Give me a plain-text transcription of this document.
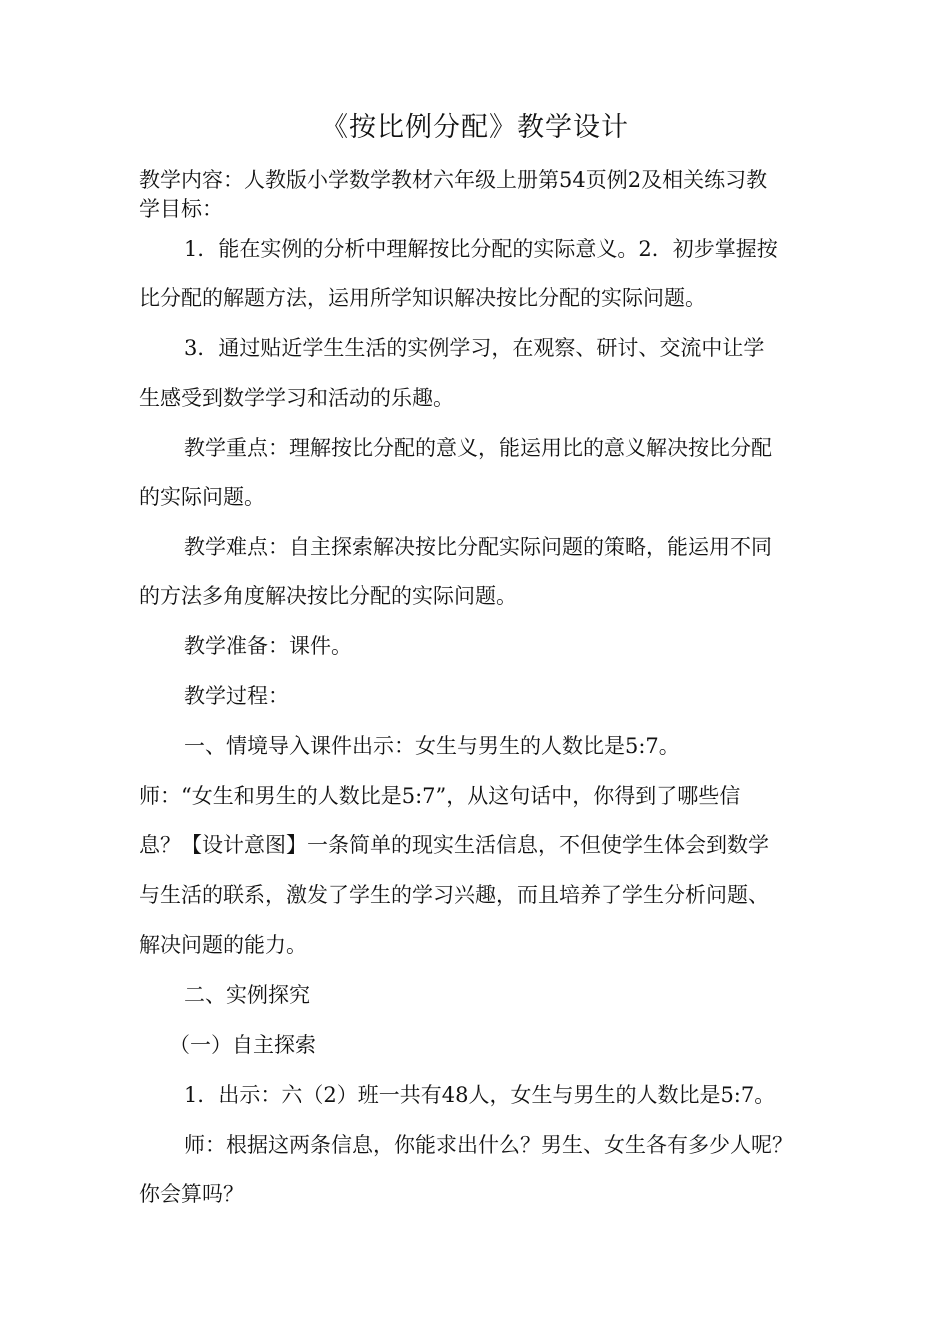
《按比例分配》教学设计
教学内容：人教版小学数学教材六年级上册第54页例2及相关练习教
学目标：
1．能在实例的分析中理解按比分配的实际意义。2．初步掌握按
比分配的解题方法，运用所学知识解决按比分配的实际问题。
3．通过贴近学生生活的实例学习，在观察、研讨、交流中让学
生感受到数学学习和活动的乐趣。
教学重点：理解按比分配的意义，能运用比的意义解决按比分配
的实际问题。
教学难点：自主探索解决按比分配实际问题的策略，能运用不同
的方法多角度解决按比分配的实际问题。
教学准备：课件。
教学过程：
一、情境导入课件出示：女生与男生的人数比是5:7。
师：“女生和男生的人数比是5:7”，从这句话中，你得到了哪些信
息？【设计意图】一条简单的现实生活信息，不但使学生体会到数学
与生活的联系，激发了学生的学习兴趣，而且培养了学生分析问题、
解决问题的能力。
二、实例探究
（一）自主探索
1．出示：六（2）班一共有48人，女生与男生的人数比是5:7。
师：根据这两条信息，你能求出什么？男生、女生各有多少人呢？
你会算吗？
